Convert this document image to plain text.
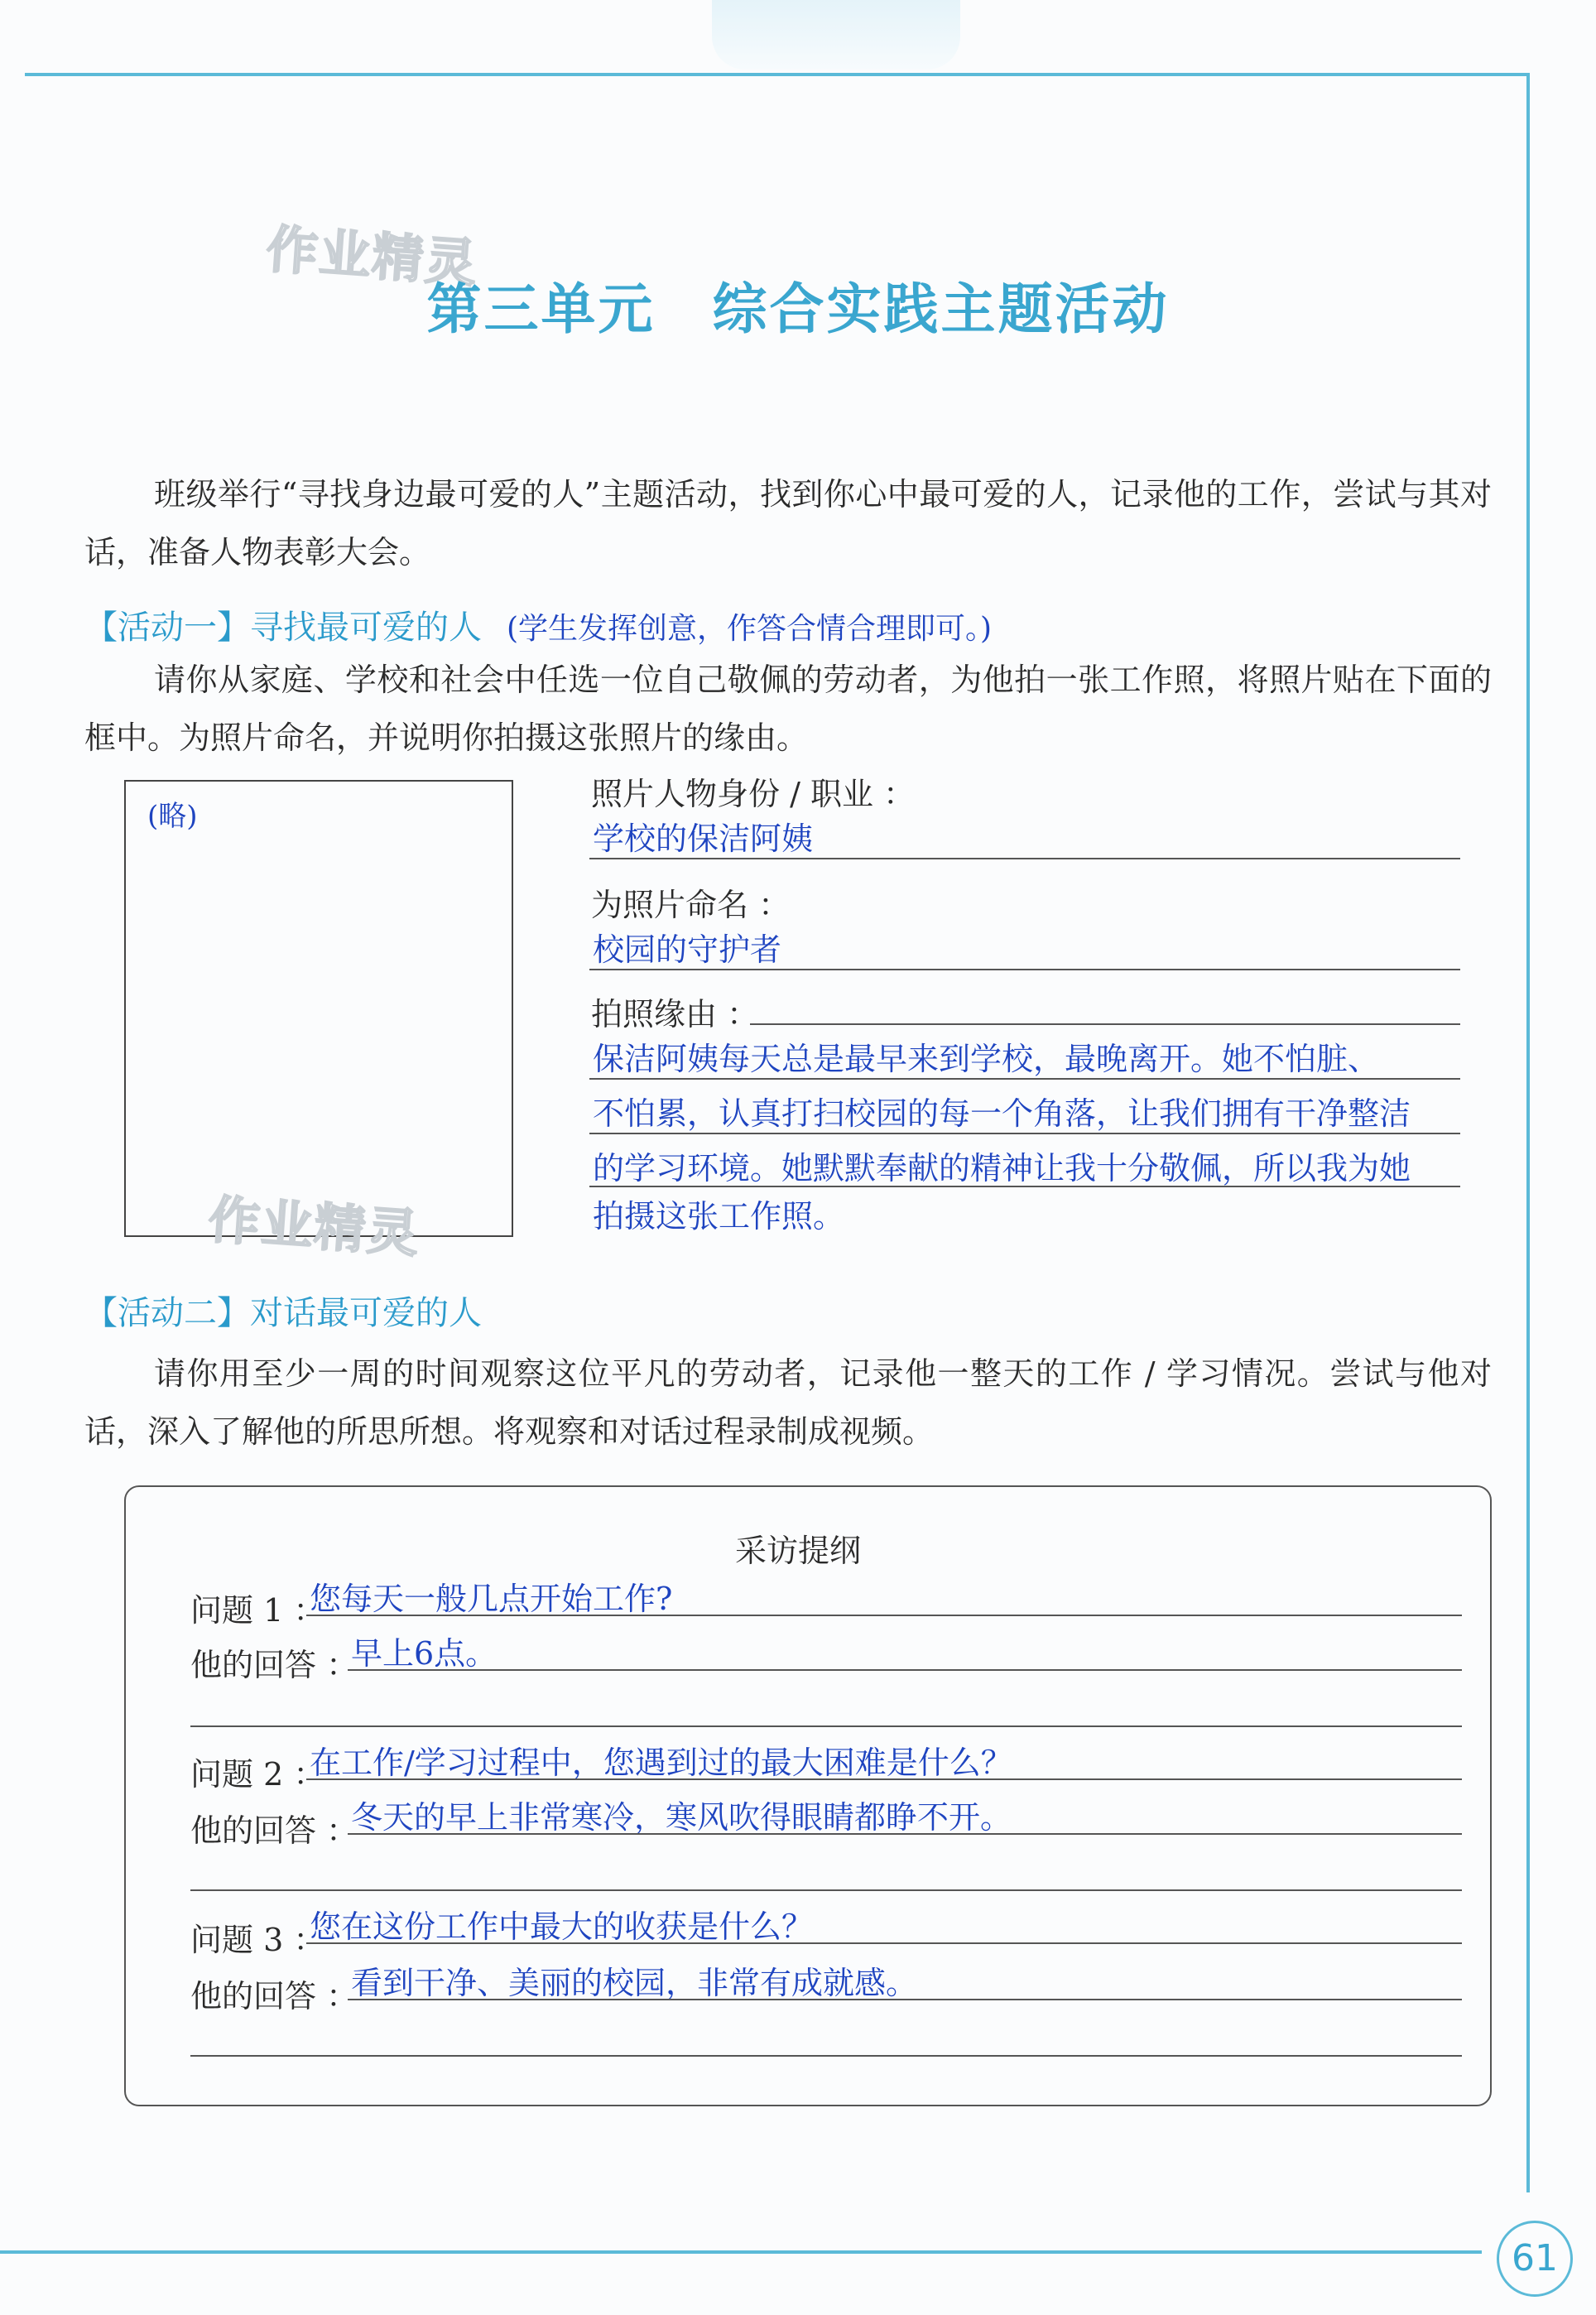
作业精灵
第三单元　综合实践主题活动

班级举行“寻找身边最可爱的人”主题活动，找到你心中最可爱的人，记录他的工作，尝试与其对话，准备人物表彰大会。

【活动一】寻找最可爱的人 (学生发挥创意，作答合情合理即可。)

请你从家庭、学校和社会中任选一位自己敬佩的劳动者，为他拍一张工作照，将照片贴在下面的框中。为照片命名，并说明你拍摄这张照片的缘由。

(略)
作业精灵
照片人物身份 / 职业 ：
学校的保洁阿姨
为照片命名 ：
校园的守护者
拍照缘由 ：
保洁阿姨每天总是最早来到学校，最晚离开。她不怕脏、
不怕累，认真打扫校园的每一个角落，让我们拥有干净整洁
的学习环境。她默默奉献的精神让我十分敬佩，所以我为她
拍摄这张工作照。
【活动二】对话最可爱的人

请你用至少一周的时间观察这位平凡的劳动者，记录他一整天的工作 / 学习情况。尝试与他对话，深入了解他的所思所想。将观察和对话过程录制成视频。

采访提纲
问题 1 ：
您每天一般几点开始工作?
他的回答 ：
早上6点。
问题 2 ：
在工作/学习过程中，您遇到过的最大困难是什么？
他的回答 ：
冬天的早上非常寒冷，寒风吹得眼睛都睁不开。
问题 3 ：
您在这份工作中最大的收获是什么？
他的回答 ：
看到干净、美丽的校园，非常有成就感。
61
